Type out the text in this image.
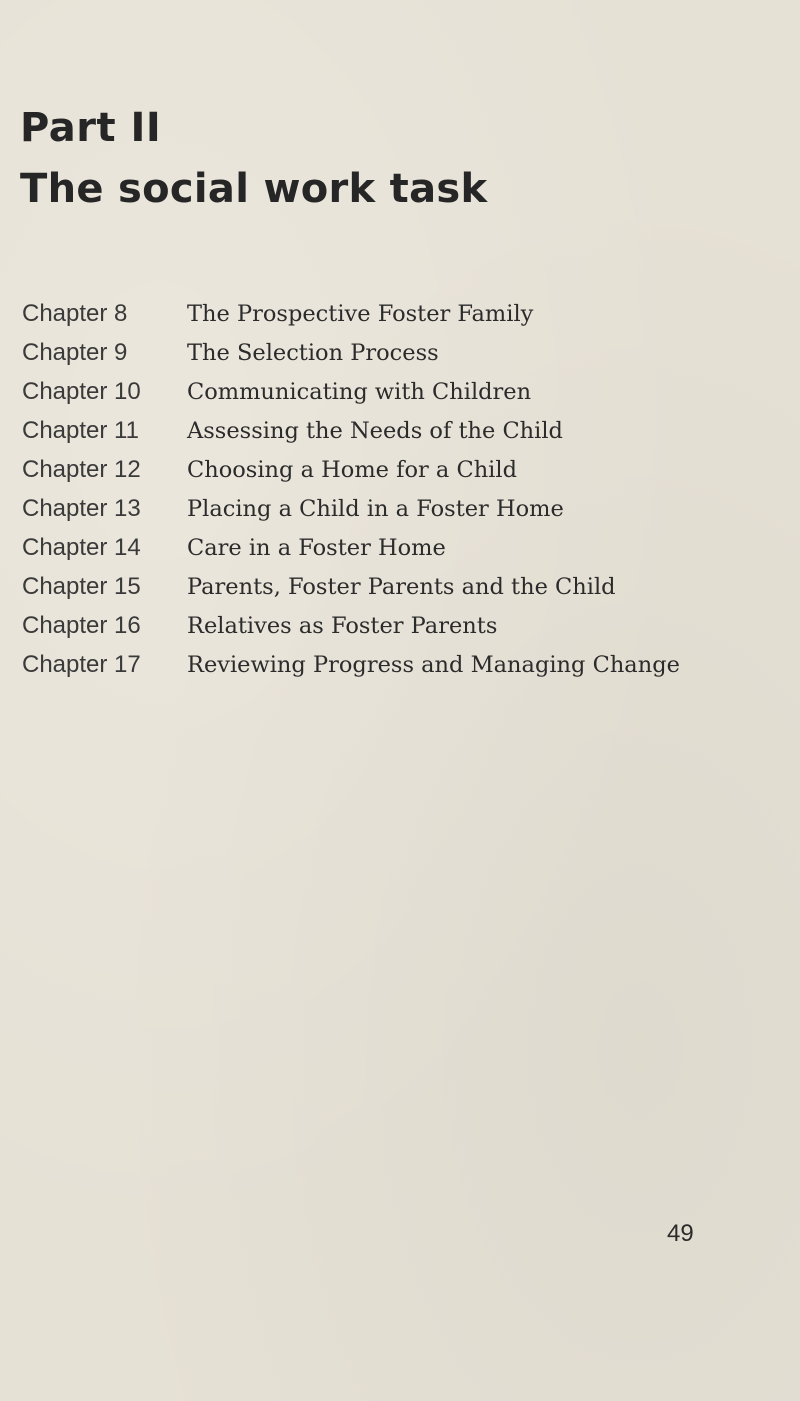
Part II
The social work task
Chapter 8	The Prospective Foster Family
Chapter 9	The Selection Process
Chapter 10	Communicating with Children
Chapter 11	Assessing the Needs of the Child
Chapter 12	Choosing a Home for a Child
Chapter 13	Placing a Child in a Foster Home
Chapter 14	Care in a Foster Home
Chapter 15	Parents, Foster Parents and the Child
Chapter 16	Relatives as Foster Parents
Chapter 17	Reviewing Progress and Managing Change
49
